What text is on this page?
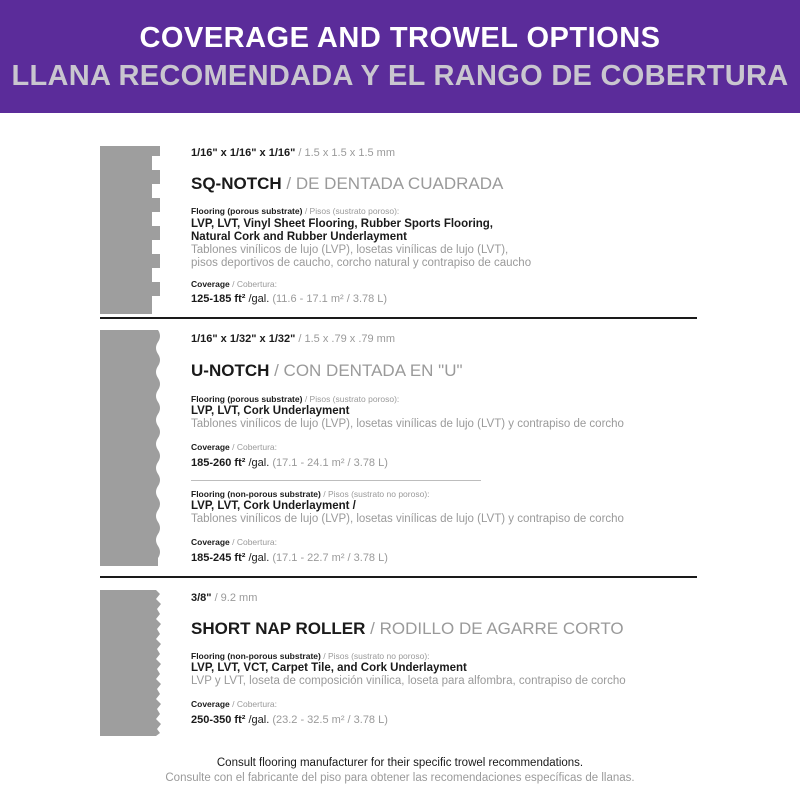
COVERAGE AND TROWEL OPTIONS
LLANA RECOMENDADA Y EL RANGO DE COBERTURA
1/16" x 1/16" x 1/16" / 1.5 x 1.5 x 1.5 mm
SQ-NOTCH / DE DENTADA CUADRADA
Flooring (porous substrate) / Pisos (sustrato poroso):
LVP, LVT, Vinyl Sheet Flooring, Rubber Sports Flooring,
Natural Cork and Rubber Underlayment
Tablones vinílicos de lujo (LVP), losetas vinílicas de lujo (LVT),
pisos deportivos de caucho, corcho natural y contrapiso de caucho
Coverage / Cobertura:
125-185 ft² /gal. (11.6 - 17.1 m² / 3.78 L)
1/16" x 1/32" x 1/32" / 1.5 x .79 x .79 mm
U-NOTCH / CON DENTADA EN "U"
Flooring (porous substrate) / Pisos (sustrato poroso):
LVP, LVT, Cork Underlayment
Tablones vinílicos de lujo (LVP), losetas vinílicas de lujo (LVT) y contrapiso de corcho
Coverage / Cobertura:
185-260 ft² /gal. (17.1 - 24.1 m² / 3.78 L)
Flooring (non-porous substrate) / Pisos (sustrato no poroso):
LVP, LVT, Cork Underlayment /
Tablones vinílicos de lujo (LVP), losetas vinílicas de lujo (LVT) y contrapiso de corcho
Coverage / Cobertura:
185-245 ft² /gal. (17.1 - 22.7 m² / 3.78 L)
3/8" / 9.2 mm
SHORT NAP ROLLER / RODILLO DE AGARRE CORTO
Flooring (non-porous substrate) / Pisos (sustrato no poroso):
LVP, LVT, VCT, Carpet Tile, and Cork Underlayment
LVP y LVT, loseta de composición vinílica, loseta para alfombra, contrapiso de corcho
Coverage / Cobertura:
250-350 ft² /gal. (23.2 - 32.5 m² / 3.78 L)
Consult flooring manufacturer for their specific trowel recommendations.
Consulte con el fabricante del piso para obtener las recomendaciones específicas de llanas.
